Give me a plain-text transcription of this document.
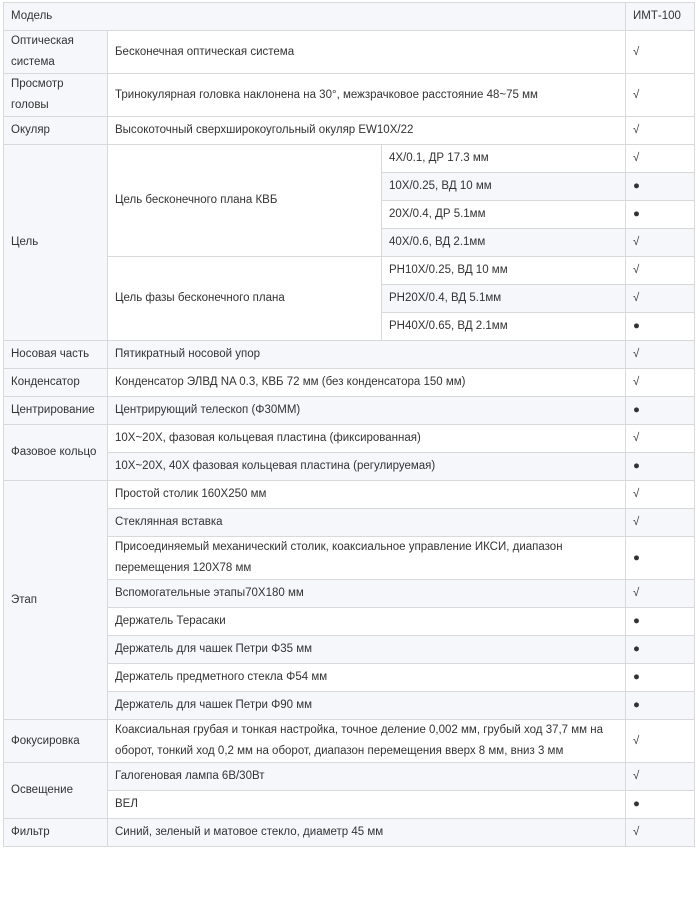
Модель			ИМТ-100
Оптическая система	Бесконечная оптическая система		√
Просмотр головы	Тринокулярная головка наклонена на 30°, межзрачковое расстояние 48~75 мм		√
Окуляр	Высокоточный сверхширокоугольный окуляр EW10X/22		√
Цель	Цель бесконечного плана КВБ	4X/0.1, ДР 17.3 мм	√
		10X/0.25, ВД 10 мм	●
		20X/0.4, ДР 5.1мм	●
		40X/0.6, ВД 2.1мм	√
	Цель фазы бесконечного плана	PH10X/0.25, ВД 10 мм	√
		PH20X/0.4, ВД 5.1мм	√
		PH40X/0.65, ВД 2.1мм	●
Носовая часть	Пятикратный носовой упор		√
Конденсатор	Конденсатор ЭЛВД NA 0.3, КВБ 72 мм (без конденсатора 150 мм)		√
Центрирование	Центрирующий телескоп (Φ30ММ)		●
Фазовое кольцо	10X~20X, фазовая кольцевая пластина (фиксированная)		√
	10X~20X, 40X фазовая кольцевая пластина (регулируемая)		●
Этап	Простой столик 160X250 мм		√
	Стеклянная вставка		√
	Присоединяемый механический столик, коаксиальное управление ИКСИ, диапазон перемещения 120X78 мм		●
	Вспомогательные этапы70X180 мм		√
	Держатель Терасаки		●
	Держатель для чашек Петри Φ35 мм		●
	Держатель предметного стекла Φ54 мм		●
	Держатель для чашек Петри Φ90 мм		●
Фокусировка	Коаксиальная грубая и тонкая настройка, точное деление 0,002 мм, грубый ход 37,7 мм на оборот, тонкий ход 0,2 мм на оборот, диапазон перемещения вверх 8 мм, вниз 3 мм		√
Освещение	Галогеновая лампа 6В/30Вт		√
	ВЕЛ		●
Фильтр	Синий, зеленый и матовое стекло, диаметр 45 мм		√
